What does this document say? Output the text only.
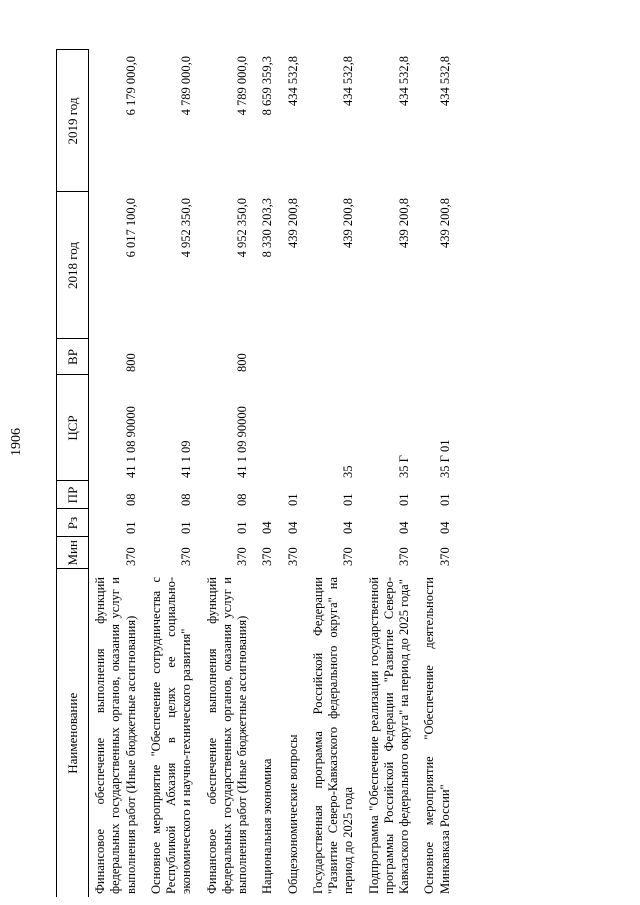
1906
Наименование	Мин	Рз	ПР	ЦСР	ВР	2018 год	2019 год
Финансовое обеспечение выполнения функций федеральных государственных органов, оказания услуг и выполнения работ (Иные бюджетные ассигнования)	370	01	08	41 1 08 90000	800	6 017 100,0	6 179 000,0
Основное мероприятие "Обеспечение сотрудничества с Республикой Абхазия в целях ее социально-экономического и научно-технического развития"	370	01	08	41 1 09		4 952 350,0	4 789 000,0
Финансовое обеспечение выполнения функций федеральных государственных органов, оказания услуг и выполнения работ (Иные бюджетные ассигнования)	370	01	08	41 1 09 90000	800	4 952 350,0	4 789 000,0
Национальная экономика	370	04				8 330 203,3	8 659 359,3
Общеэкономические вопросы	370	04	01			439 200,8	434 532,8
Государственная программа Российской Федерации "Развитие Северо-Кавказского федерального округа" на период до 2025 года	370	04	01	35		439 200,8	434 532,8
Подпрограмма "Обеспечение реализации государственной программы Российской Федерации "Развитие Северо-Кавказского федерального округа" на период до 2025 года"	370	04	01	35 Г		439 200,8	434 532,8
Основное мероприятие "Обеспечение деятельности Минкавказа России"	370	04	01	35 Г 01		439 200,8	434 532,8
